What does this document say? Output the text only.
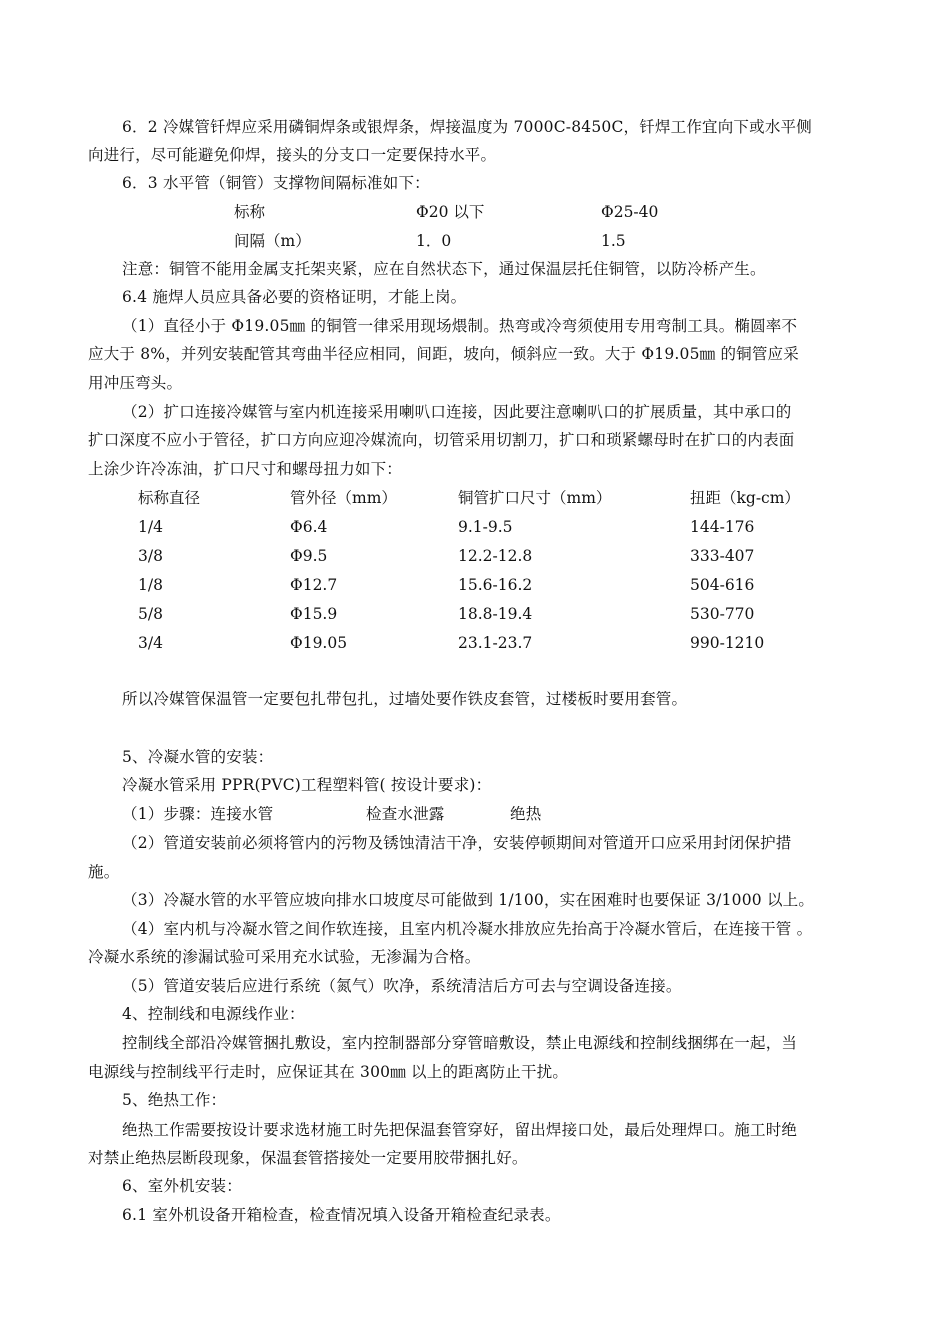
6．2 冷媒管钎焊应采用磷铜焊条或银焊条，焊接温度为 7000C-8450C，钎焊工作宜向下或水平侧
向进行，尽可能避免仰焊，接头的分支口一定要保持水平。
6．3 水平管（铜管）支撑物间隔标准如下：
标称	Φ20 以下	Φ25-40
间隔（m）	1．0	1.5
注意：铜管不能用金属支托架夹紧，应在自然状态下，通过保温层托住铜管，以防冷桥产生。
6.4 施焊人员应具备必要的资格证明，才能上岗。
（1）直径小于 Φ19.05㎜ 的铜管一律采用现场煨制。热弯或冷弯须使用专用弯制工具。椭圆率不
应大于 8%，并列安装配管其弯曲半径应相同，间距，坡向，倾斜应一致。大于 Φ19.05㎜ 的铜管应采
用冲压弯头。
（2）扩口连接冷媒管与室内机连接采用喇叭口连接，因此要注意喇叭口的扩展质量，其中承口的
扩口深度不应小于管径，扩口方向应迎冷媒流向，切管采用切割刀，扩口和琐紧螺母时在扩口的内表面
上涂少许冷冻油，扩口尺寸和螺母扭力如下：
标称直径	管外径（mm）	铜管扩口尺寸（mm）	扭距（kg-cm）
1/4	Φ6.4	9.1-9.5	144-176
3/8	Φ9.5	12.2-12.8	333-407
1/8	Φ12.7	15.6-16.2	504-616
5/8	Φ15.9	18.8-19.4	530-770
3/4	Φ19.05	23.1-23.7	990-1210
所以冷媒管保温管一定要包扎带包扎，过墙处要作铁皮套管，过楼板时要用套管。
5、冷凝水管的安装：
冷凝水管采用 PPR(PVC)工程塑料管( 按设计要求)：
（1）步骤：连接水管	检查水泄露	绝热
（2）管道安装前必须将管内的污物及锈蚀清洁干净，安装停顿期间对管道开口应采用封闭保护措
施。
（3）冷凝水管的水平管应坡向排水口坡度尽可能做到 1/100，实在困难时也要保证 3/1000 以上。
（4）室内机与冷凝水管之间作软连接，且室内机冷凝水排放应先抬高于冷凝水管后，在连接干管 。
冷凝水系统的渗漏试验可采用充水试验，无渗漏为合格。
（5）管道安装后应进行系统（氮气）吹净，系统清洁后方可去与空调设备连接。
4、控制线和电源线作业：
控制线全部沿冷媒管捆扎敷设，室内控制器部分穿管暗敷设，禁止电源线和控制线捆绑在一起，当
电源线与控制线平行走时，应保证其在 300㎜ 以上的距离防止干扰。
5、绝热工作：
绝热工作需要按设计要求选材施工时先把保温套管穿好，留出焊接口处，最后处理焊口。施工时绝
对禁止绝热层断段现象，保温套管搭接处一定要用胶带捆扎好。
6、室外机安装：
6.1 室外机设备开箱检查，检查情况填入设备开箱检查纪录表。
